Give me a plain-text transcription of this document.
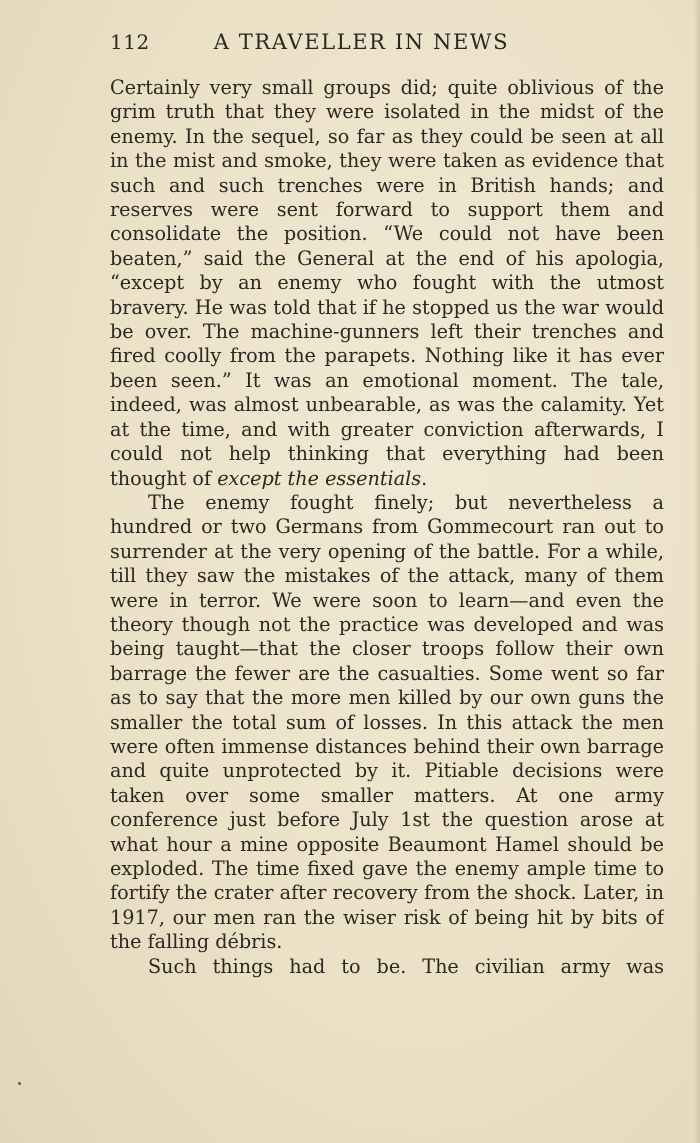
112	A TRAVELLER IN NEWS

Certainly very small groups did; quite oblivious of the grim truth that they were isolated in the midst of the enemy. In the sequel, so far as they could be seen at all in the mist and smoke, they were taken as evidence that such and such trenches were in British hands; and reserves were sent forward to support them and consolidate the position. “We could not have been beaten,” said the General at the end of his apologia, “except by an enemy who fought with the utmost bravery. He was told that if he stopped us the war would be over. The machine-gunners left their trenches and fired coolly from the parapets. Nothing like it has ever been seen.” It was an emotional moment. The tale, indeed, was almost unbearable, as was the calamity. Yet at the time, and with greater conviction afterwards, I could not help thinking that everything had been thought of except the essentials.

The enemy fought finely; but nevertheless a hundred or two Germans from Gommecourt ran out to surrender at the very opening of the battle. For a while, till they saw the mistakes of the attack, many of them were in terror. We were soon to learn—and even the theory though not the practice was developed and was being taught—that the closer troops follow their own barrage the fewer are the casualties. Some went so far as to say that the more men killed by our own guns the smaller the total sum of losses. In this attack the men were often immense distances behind their own barrage and quite unprotected by it. Pitiable decisions were taken over some smaller matters. At one army conference just before July 1st the question arose at what hour a mine opposite Beaumont Hamel should be exploded. The time fixed gave the enemy ample time to fortify the crater after recovery from the shock. Later, in 1917, our men ran the wiser risk of being hit by bits of the falling débris.

Such things had to be. The civilian army was
